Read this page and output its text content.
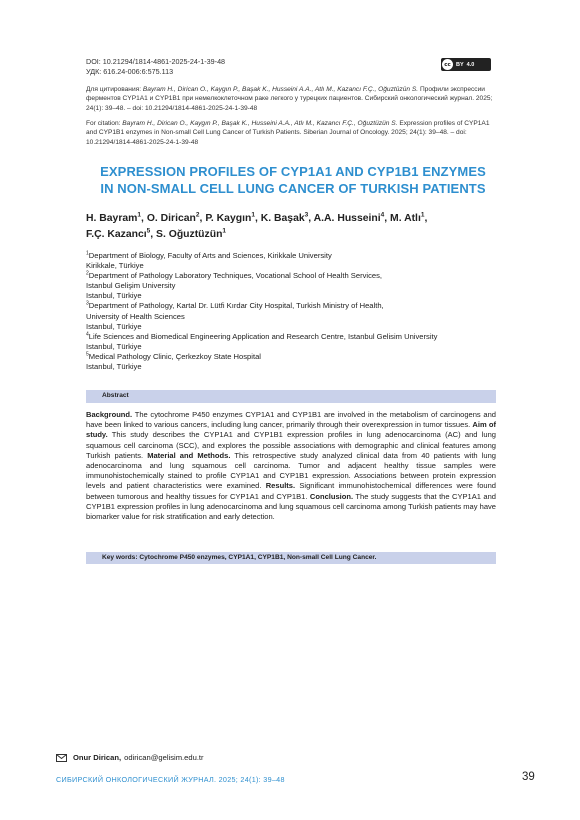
DOI: 10.21294/1814-4861-2025-24-1-39-48
УДК: 616.24-006:6:575.113
cc BY 4.0
Для цитирования: Bayram H., Dirican O., Kaygın P., Başak K., Husseini A.A., Atlı M., Kazancı F.Ç., Oğuztüzün S. Профили экспрессии ферментов CYP1A1 и CYP1B1 при немелкоклеточном раке легкого у турецких пациентов. Сибирский онкологический журнал. 2025; 24(1): 39–48. – doi: 10.21294/1814-4861-2025-24-1-39-48
For citation: Bayram H., Dirican O., Kaygın P., Başak K., Husseini A.A., Atlı M., Kazancı F.Ç., Oğuztüzün S. Expression profiles of CYP1A1 and CYP1B1 enzymes in Non-small Cell Lung Cancer of Turkish Patients. Siberian Journal of Oncology. 2025; 24(1): 39–48. – doi: 10.21294/1814-4861-2025-24-1-39-48
EXPRESSION PROFILES OF CYP1A1 AND CYP1B1 ENZYMES
IN NON-SMALL CELL LUNG CANCER OF TURKISH PATIENTS
H. Bayram$^1$, O. Dirican$^2$, P. Kaygın$^1$, K. Başak$^3$, A.A. Husseini$^4$, M. Atlı$^1$,
F.Ç. Kazancı$^5$, S. Oğuztüzün$^1$
$^1$Department of Biology, Faculty of Arts and Sciences, Kirikkale University
Kirikkale, Türkiye
$^2$Department of Pathology Laboratory Techniques, Vocational School of Health Services,
Istanbul Gelişim University
Istanbul, Türkiye
$^3$Department of Pathology, Kartal Dr. Lütfi Kırdar City Hospital, Turkish Ministry of Health,
University of Health Sciences
Istanbul, Türkiye
$^4$Life Sciences and Biomedical Engineering Application and Research Centre, Istanbul Gelisim University
Istanbul, Türkiye
$^5$Medical Pathology Clinic, Çerkezkoy State Hospital
Istanbul, Türkiye
Abstract
Background. The cytochrome P450 enzymes CYP1A1 and CYP1B1 are involved in the metabolism of carcinogens and have been linked to various cancers, including lung cancer, primarily through their overexpression in tumor tissues. Aim of study. This study describes the CYP1A1 and CYP1B1 expression profiles in lung adenocarcinoma (AC) and lung squamous cell carcinoma (SCC), and explores the possible associations with demographic and clinical features among Turkish patients. Material and Methods. This retrospective study analyzed clinical data from 40 patients with lung adenocarcinoma and lung squamous cell carcinoma. Tumor and adjacent healthy tissue samples were immunohistochemically stained to profile CYP1A1 and CYP1B1 expression. Associations between protein expression levels and patient characteristics were examined. Results. Significant immunohistochemical differences were found between tumorous and healthy tissues for CYP1A1 and CYP1B1. Conclusion. The study suggests that the CYP1A1 and CYP1B1 expression profiles in lung adenocarcinoma and lung squamous cell carcinoma among Turkish patients may have biomarker value for risk stratification and early detection.
Key words: Cytochrome P450 enzymes, CYP1A1, CYP1B1, Non-small Cell Lung Cancer.
Onur Dirican, odirican@gelisim.edu.tr
СИБИРСКИЙ ОНКОЛОГИЧЕСКИЙ ЖУРНАЛ. 2025; 24(1): 39–48	39
